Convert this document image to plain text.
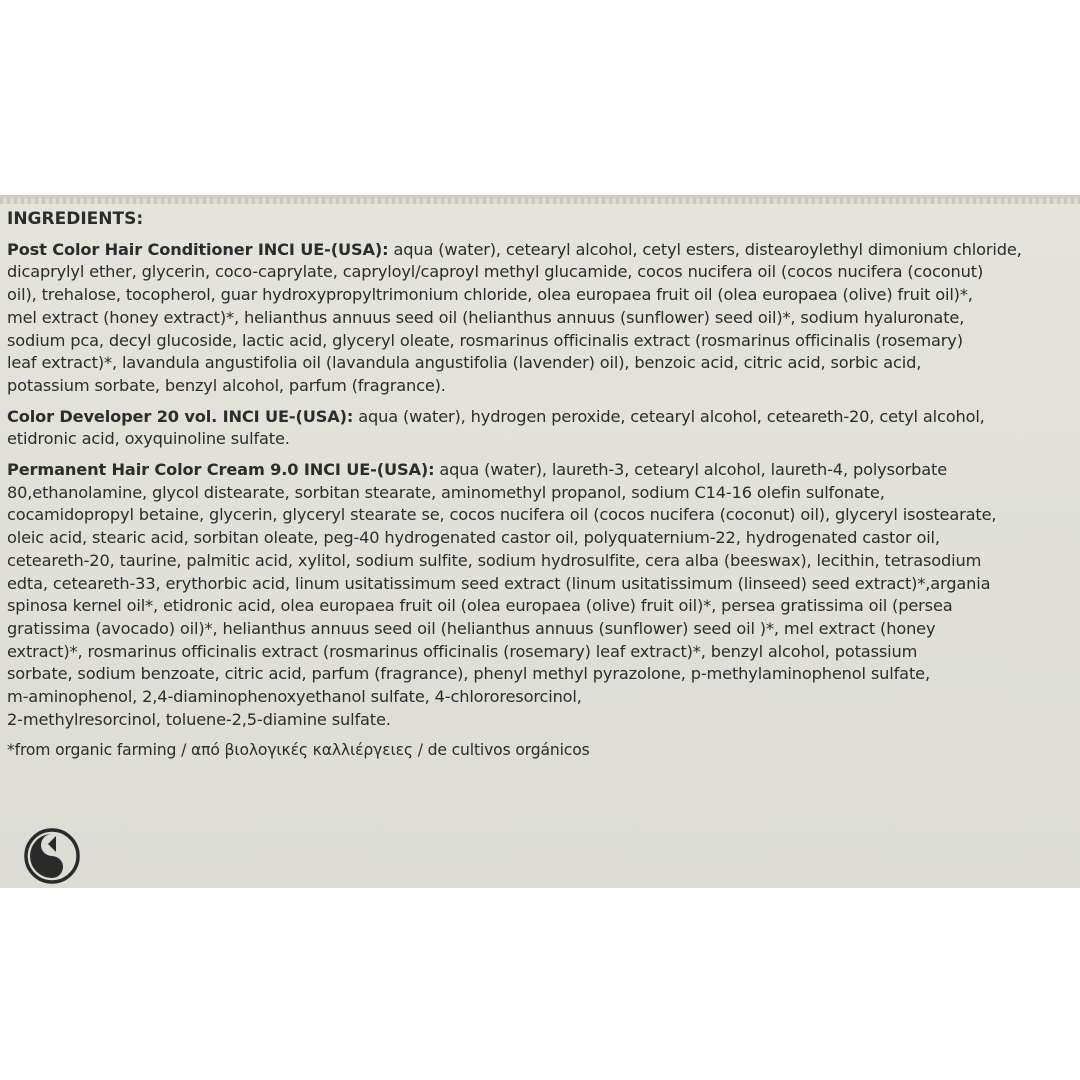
INGREDIENTS:
Post Color Hair Conditioner INCI UE-(USA): aqua (water), cetearyl alcohol, cetyl esters, distearoylethyl dimonium chloride,
dicaprylyl ether, glycerin, coco-caprylate, capryloyl/caproyl methyl glucamide, cocos nucifera oil (cocos nucifera (coconut)
oil), trehalose, tocopherol, guar hydroxypropyltrimonium chloride, olea europaea fruit oil (olea europaea (olive) fruit oil)*,
mel extract (honey extract)*, helianthus annuus seed oil (helianthus annuus (sunflower) seed oil)*, sodium hyaluronate,
sodium pca, decyl glucoside, lactic acid, glyceryl oleate, rosmarinus officinalis extract (rosmarinus officinalis (rosemary)
leaf extract)*, lavandula angustifolia oil (lavandula angustifolia (lavender) oil), benzoic acid, citric acid, sorbic acid,
potassium sorbate, benzyl alcohol, parfum (fragrance).
Color Developer 20 vol. INCI UE-(USA): aqua (water), hydrogen peroxide, cetearyl alcohol, ceteareth-20, cetyl alcohol,
etidronic acid, oxyquinoline sulfate.
Permanent Hair Color Cream 9.0 INCI UE-(USA): aqua (water), laureth-3, cetearyl alcohol, laureth-4, polysorbate
80,ethanolamine, glycol distearate, sorbitan stearate, aminomethyl propanol, sodium C14-16 olefin sulfonate,
cocamidopropyl betaine, glycerin, glyceryl stearate se, cocos nucifera oil (cocos nucifera (coconut) oil), glyceryl isostearate,
oleic acid, stearic acid, sorbitan oleate, peg-40 hydrogenated castor oil, polyquaternium-22, hydrogenated castor oil,
ceteareth-20, taurine, palmitic acid, xylitol, sodium sulfite, sodium hydrosulfite, cera alba (beeswax), lecithin, tetrasodium
edta, ceteareth-33, erythorbic acid, linum usitatissimum seed extract (linum usitatissimum (linseed) seed extract)*,argania
spinosa kernel oil*, etidronic acid, olea europaea fruit oil (olea europaea (olive) fruit oil)*, persea gratissima oil (persea
gratissima (avocado) oil)*, helianthus annuus seed oil (helianthus annuus (sunflower) seed oil )*, mel extract (honey
extract)*, rosmarinus officinalis extract (rosmarinus officinalis (rosemary) leaf extract)*, benzyl alcohol, potassium
sorbate, sodium benzoate, citric acid, parfum (fragrance), phenyl methyl pyrazolone, p-methylaminophenol sulfate,
m-aminophenol, 2,4-diaminophenoxyethanol sulfate, 4-chlororesorcinol,
2-methylresorcinol, toluene-2,5-diamine sulfate.
*from organic farming / από βιολογικές καλλιέργειες / de cultivos orgánicos
